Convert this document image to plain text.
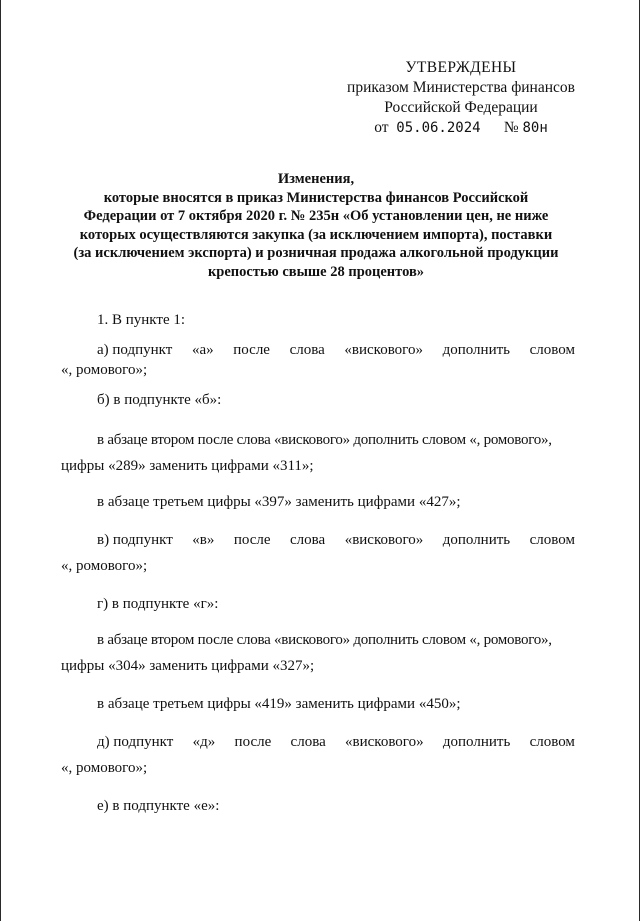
УТВЕРЖДЕНЫ
приказом Министерства финансов
Российской Федерации
от 05.06.2024 № 80н
Изменения,
которые вносятся в приказ Министерства финансов Российской
Федерации от 7 октября 2020 г. № 235н «Об установлении цен, не ниже
которых осуществляются закупка (за исключением импорта), поставки
(за исключением экспорта) и розничная продажа алкогольной продукции
крепостью свыше 28 процентов»
1. В пункте 1:
а) подпункт «а» после слова «вискового» дополнить словом
«, ромового»;
б) в подпункте «б»:
в абзаце втором после слова «вискового» дополнить словом «, ромового»,
цифры «289» заменить цифрами «311»;
в абзаце третьем цифры «397» заменить цифрами «427»;
в) подпункт «в» после слова «вискового» дополнить словом
«, ромового»;
г) в подпункте «г»:
в абзаце втором после слова «вискового» дополнить словом «, ромового»,
цифры «304» заменить цифрами «327»;
в абзаце третьем цифры «419» заменить цифрами «450»;
д) подпункт «д» после слова «вискового» дополнить словом
«, ромового»;
е) в подпункте «е»:
